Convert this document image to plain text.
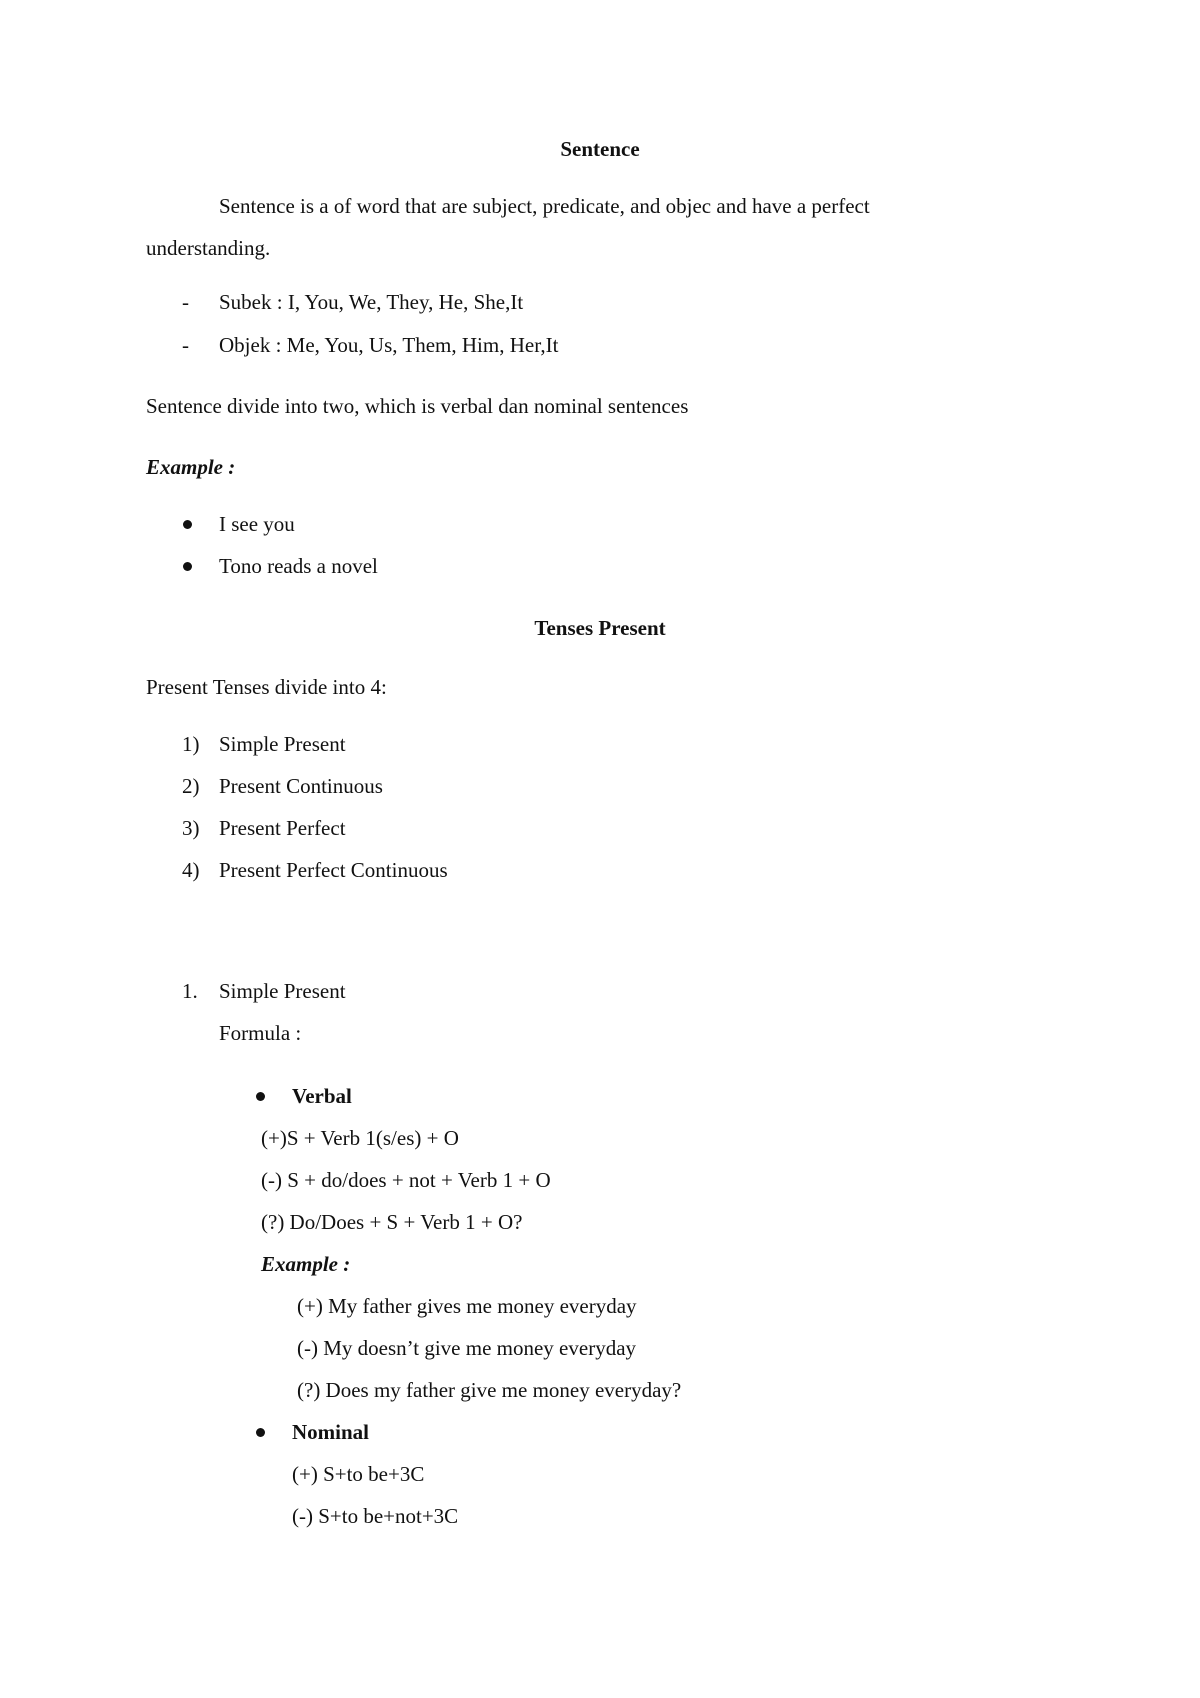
Sentence
Sentence is a of word that are subject, predicate, and objec and have a perfect
understanding.
- Subek : I, You, We, They, He, She,It
- Objek : Me, You, Us, Them, Him, Her,It
Sentence divide into two, which is verbal dan nominal sentences
Example :
I see you
Tono reads a novel
Tenses Present
Present Tenses divide into 4:
1) Simple Present
2) Present Continuous
3) Present Perfect
4) Present Perfect Continuous
1. Simple Present
Formula :
Verbal
(+)S + Verb 1(s/es) + O
(-) S + do/does + not + Verb 1 + O
(?) Do/Does + S + Verb 1 + O?
Example :
(+) My father gives me money everyday
(-) My doesn’t give me money everyday
(?) Does my father give me money everyday?
Nominal
(+) S+to be+3C
(-) S+to be+not+3C
